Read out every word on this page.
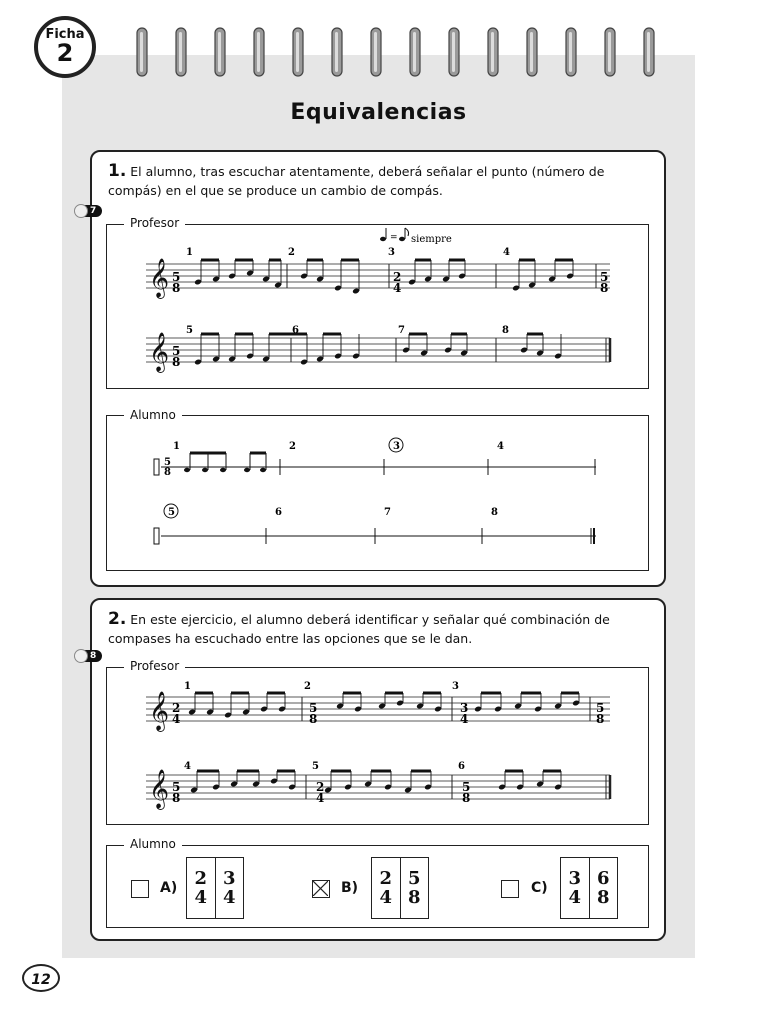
Ficha
2
Equivalencias
1. El alumno, tras escuchar atentamente, deberá señalar el punto (número de compás) en el que se produce un cambio de compás.
7
Profesor
𝄞
𝄞
= siempre
1	2	3	4
5	6	7	8
5
8
2
4
5
8
5
8
Alumno
5
8
1	2	3	4
5	6	7	8
2. En este ejercicio, el alumno deberá identificar y señalar qué combinación de compases ha escuchado entre las opciones que se le dan.
8
Profesor
𝄞
𝄞
1	2	3
4	5	6
2
4
5
8
3
4
5
8
5
8
2
4
5
8
Alumno
A) 2
4
3
4	B) 2
4
5
8	C) 3
4
6
8
12
